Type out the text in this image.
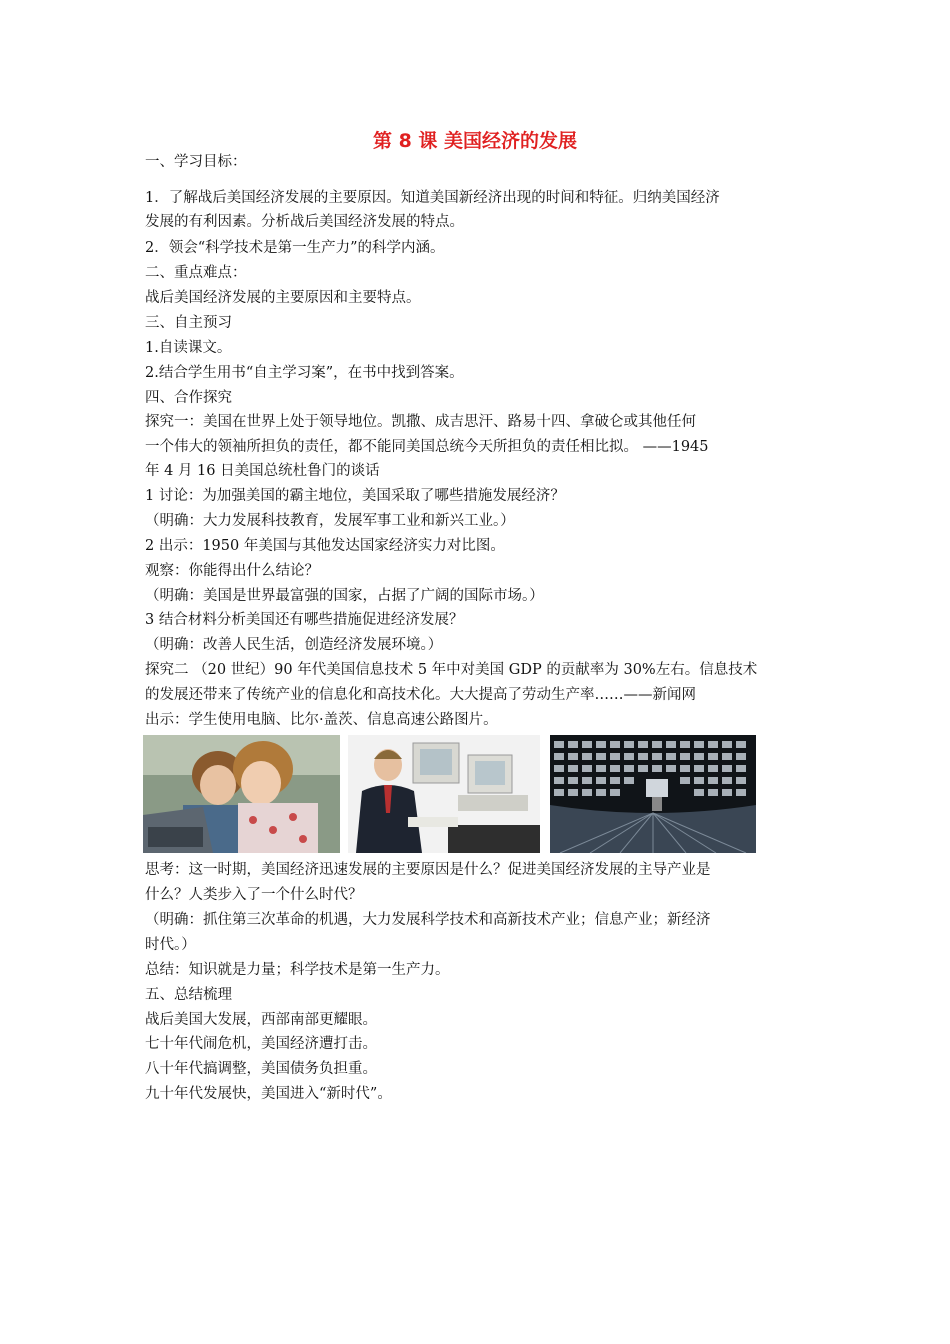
第 8 课 美国经济的发展
一、学习目标：
1．了解战后美国经济发展的主要原因。知道美国新经济出现的时间和特征。归纳美国经济
发展的有利因素。分析战后美国经济发展的特点。
2．领会“科学技术是第一生产力”的科学内涵。
二、重点难点：
战后美国经济发展的主要原因和主要特点。
三、自主预习
1.自读课文。
2.结合学生用书“自主学习案”，在书中找到答案。
四、合作探究
探究一：美国在世界上处于领导地位。凯撒、成吉思汗、路易十四、拿破仑或其他任何
一个伟大的领袖所担负的责任，都不能同美国总统今天所担负的责任相比拟。 ——1945
年 4 月 16 日美国总统杜鲁门的谈话
1 讨论：为加强美国的霸主地位，美国采取了哪些措施发展经济？
（明确：大力发展科技教育，发展军事工业和新兴工业。）
2 出示：1950 年美国与其他发达国家经济实力对比图。
观察：你能得出什么结论？
（明确：美国是世界最富强的国家，占据了广阔的国际市场。）
3 结合材料分析美国还有哪些措施促进经济发展？
（明确：改善人民生活，创造经济发展环境。）
探究二 （20 世纪）90 年代美国信息技术 5 年中对美国 GDP 的贡献率为 30%左右。信息技术
的发展还带来了传统产业的信息化和高技术化。大大提高了劳动生产率……——新闻网
出示：学生使用电脑、比尔·盖茨、信息高速公路图片。
思考：这一时期，美国经济迅速发展的主要原因是什么？促进美国经济发展的主导产业是
什么？人类步入了一个什么时代？
（明确：抓住第三次革命的机遇，大力发展科学技术和高新技术产业；信息产业；新经济
时代。）
总结：知识就是力量；科学技术是第一生产力。
五、总结梳理
战后美国大发展，西部南部更耀眼。
七十年代闹危机，美国经济遭打击。
八十年代搞调整，美国债务负担重。
九十年代发展快，美国进入“新时代”。
